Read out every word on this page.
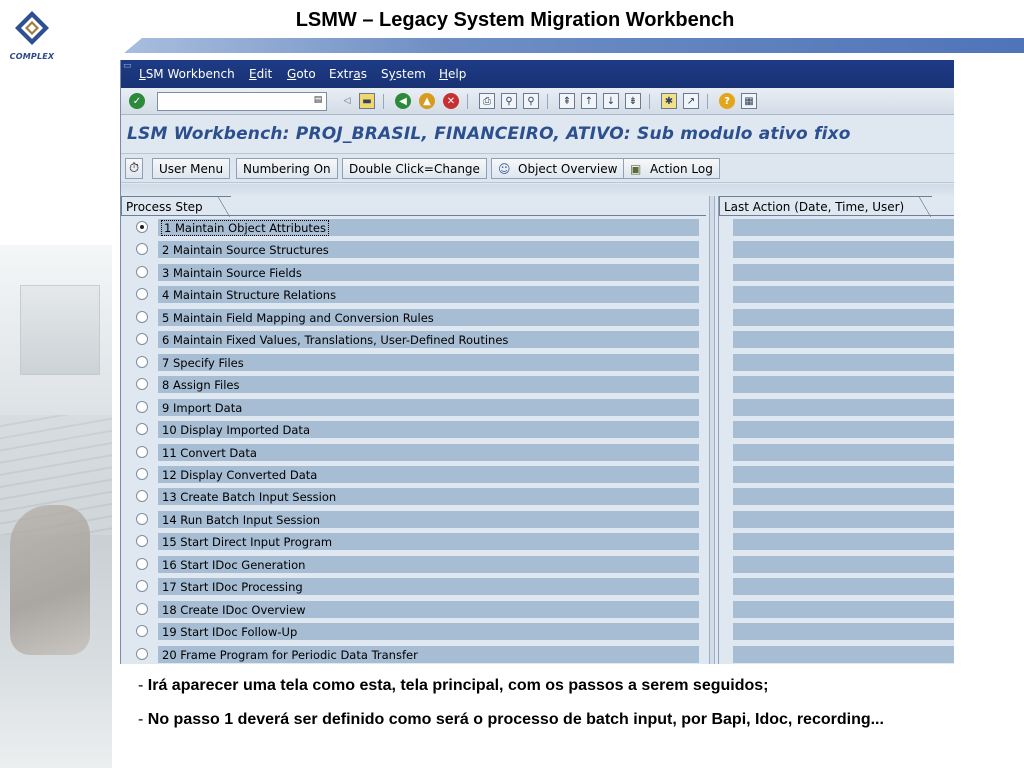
COMPLEX
LSMW – Legacy System Migration Workbench
▭
LSM Workbench Edit Goto Extras System Help
✓	▤	◁	▬	◀	▲	✕	⎙	⚲	⚲	⇞	↑	↓	⇟	✱	↗	?	▦
LSM Workbench: PROJ_BRASIL, FINANCEIRO, ATIVO: Sub modulo ativo fixo
⏱	User Menu	Numbering On	Double Click=Change	☺ Object Overview ▣ Action Log
Process Step
1 Maintain Object Attributes
2 Maintain Source Structures
3 Maintain Source Fields
4 Maintain Structure Relations
5 Maintain Field Mapping and Conversion Rules
6 Maintain Fixed Values, Translations, User-Defined Routines
7 Specify Files
8 Assign Files
9 Import Data
10 Display Imported Data
11 Convert Data
12 Display Converted Data
13 Create Batch Input Session
14 Run Batch Input Session
15 Start Direct Input Program
16 Start IDoc Generation
17 Start IDoc Processing
18 Create IDoc Overview
19 Start IDoc Follow-Up
20 Frame Program for Periodic Data Transfer
Last Action (Date, Time, User)
- Irá aparecer uma tela como esta, tela principal, com os passos a serem seguidos;
- No passo 1 deverá ser definido como será o processo de batch input, por Bapi, Idoc, recording...
